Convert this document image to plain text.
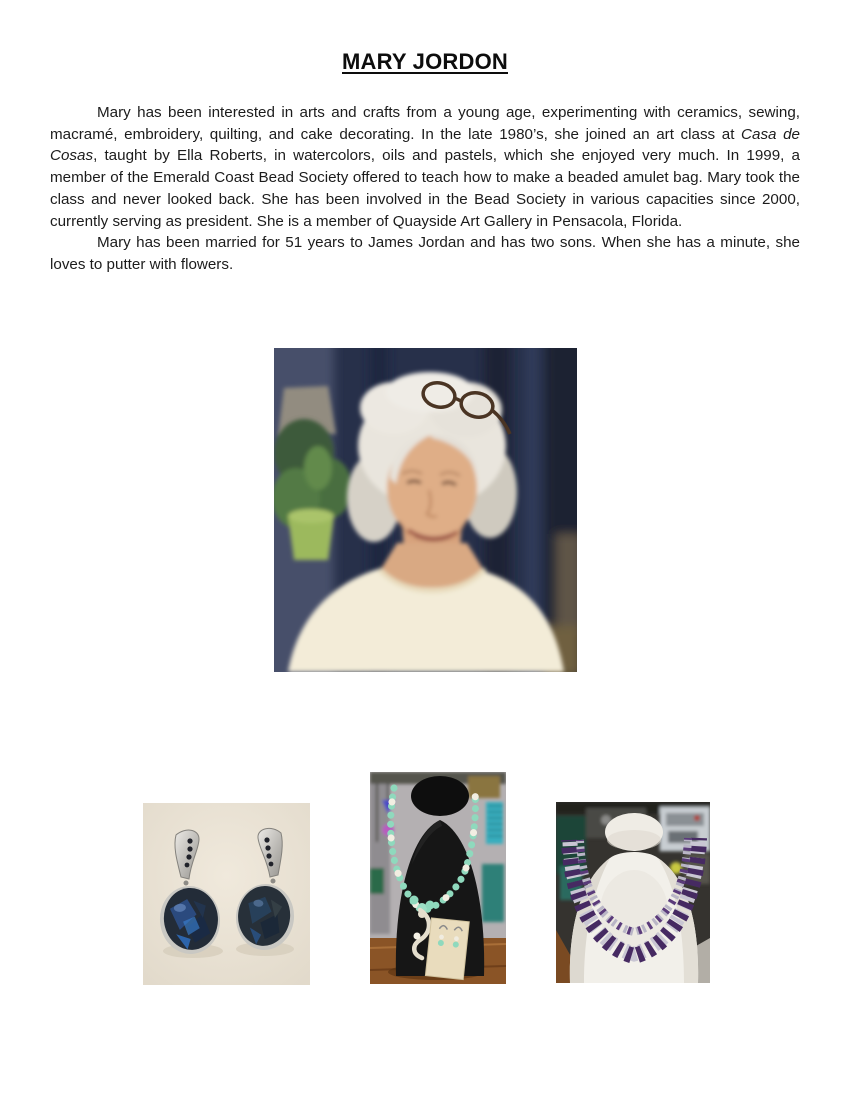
MARY JORDON

Mary has been interested in arts and crafts from a young age, experimenting with ceramics, sewing, macramé, embroidery, quilting, and cake decorating. In the late 1980’s, she joined an art class at Casa de Cosas, taught by Ella Roberts, in watercolors, oils and pastels, which she enjoyed very much. In 1999, a member of the Emerald Coast Bead Society offered to teach how to make a beaded amulet bag. Mary took the class and never looked back. She has been involved in the Bead Society in various capacities since 2000, currently serving as president. She is a member of Quayside Art Gallery in Pensacola, Florida.

Mary has been married for 51 years to James Jordan and has two sons. When she has a minute, she loves to putter with flowers.
